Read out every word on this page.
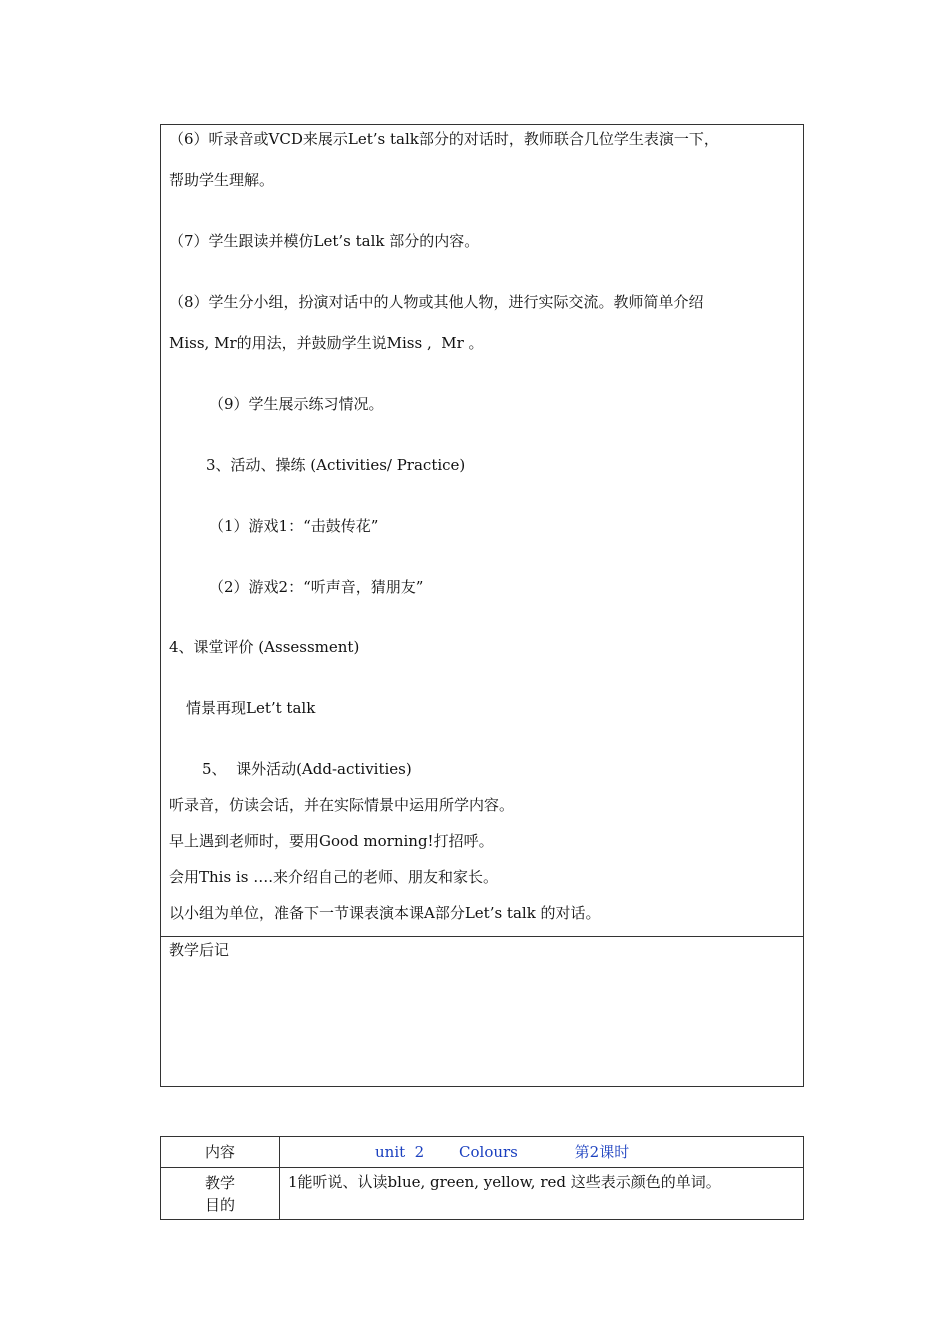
（6）听录音或VCD来展示Let’s talk部分的对话时，教师联合几位学生表演一下，
帮助学生理解。
（7）学生跟读并模仿Let’s talk 部分的内容。
（8）学生分小组，扮演对话中的人物或其他人物，进行实际交流。教师简单介绍
Miss, Mr的用法，并鼓励学生说Miss ,  Mr 。
（9）学生展示练习情况。
3、活动、操练 (Activities/ Practice)
（1）游戏1：“击鼓传花”
（2）游戏2：“听声音，猜朋友”
4、课堂评价 (Assessment)
情景再现Let’t talk
5、  课外活动(Add-activities)
听录音，仿读会话，并在实际情景中运用所学内容。
早上遇到老师时，要用Good morning!打招呼。
会用This is ….来介绍自己的老师、朋友和家长。
以小组为单位，准备下一节课表演本课A部分Let’s talk 的对话。
教学后记
内容	unit  2 Colours 第2课时

教学
目的	1能听说、认读blue, green, yellow, red 这些表示颜色的单词。
